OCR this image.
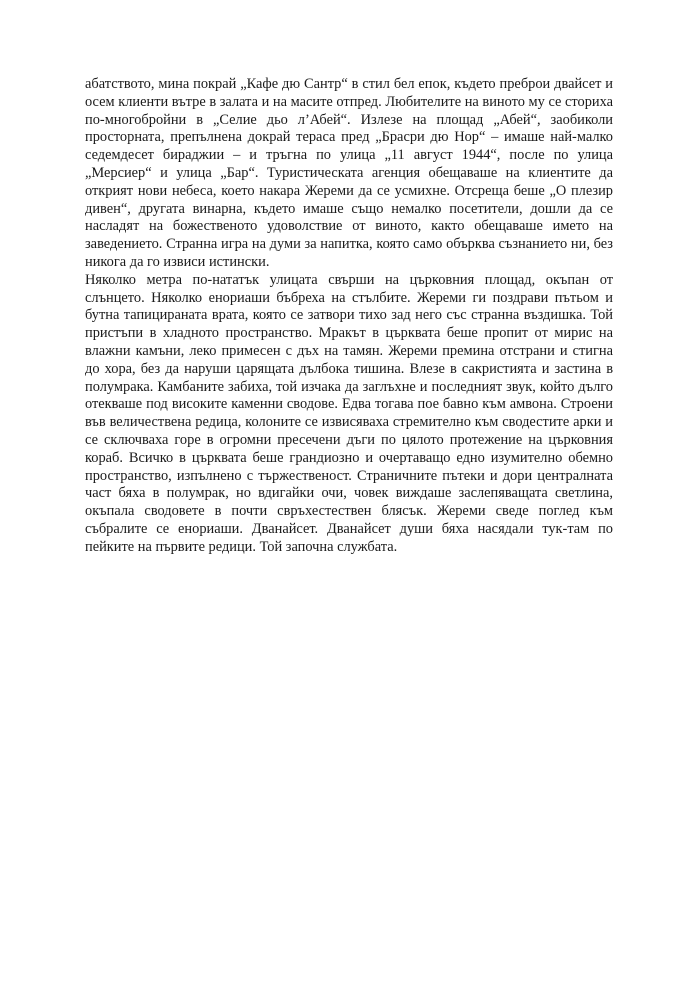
абатството, мина покрай „Кафе дю Сантр“ в стил бел епок, където преброи двайсет и осем клиенти вътре в залата и на масите отпред. Любителите на виното му се сториха по-многобройни в „Селие дьо л’Абей“. Излезе на площад „Абей“, заобиколи просторната, препълнена докрай тераса пред „Брасри дю Нор“ – имаше най-малко седемдесет бираджии – и тръгна по улица „11 август 1944“, после по улица „Мерсиер“ и улица „Бар“. Туристическата агенция обещаваше на клиентите да открият нови небеса, което накара Жереми да се усмихне. Отсреща беше „О плезир дивен“, другата винарна, където имаше също немалко посетители, дошли да се насладят на божественото удоволствие от виното, както обещаваше името на заведението. Странна игра на думи за напитка, която само обърква съзнанието ни, без никога да го извиси истински.

Няколко метра по-нататък улицата свърши на църковния площад, окъпан от слънцето. Няколко енориаши бъбреха на стълбите. Жереми ги поздрави пътьом и бутна тапицираната врата, която се затвори тихо зад него със странна въздишка. Той пристъпи в хладното пространство. Мракът в църквата беше пропит от мирис на влажни камъни, леко примесен с дъх на тамян. Жереми премина отстрани и стигна до хора, без да наруши царящата дълбока тишина. Влезе в сакристията и застина в полумрака. Камбаните забиха, той изчака да заглъхне и последният звук, който дълго отекваше под високите каменни сводове. Едва тогава пое бавно към амвона. Строени във величествена редица, колоните се извисяваха стремително към сводестите арки и се сключваха горе в огромни пресечени дъги по цялото протежение на църковния кораб. Всичко в църквата беше грандиозно и очертаващо едно изумително обемно пространство, изпълнено с тържественост. Страничните пътеки и дори централната част бяха в полумрак, но вдигайки очи, човек виждаше заслепяващата светлина, окъпала сводовете в почти свръхестествен блясък. Жереми сведе поглед към събралите се енориаши. Дванайсет. Дванайсет души бяха насядали тук-там по пейките на първите редици. Той започна службата.
